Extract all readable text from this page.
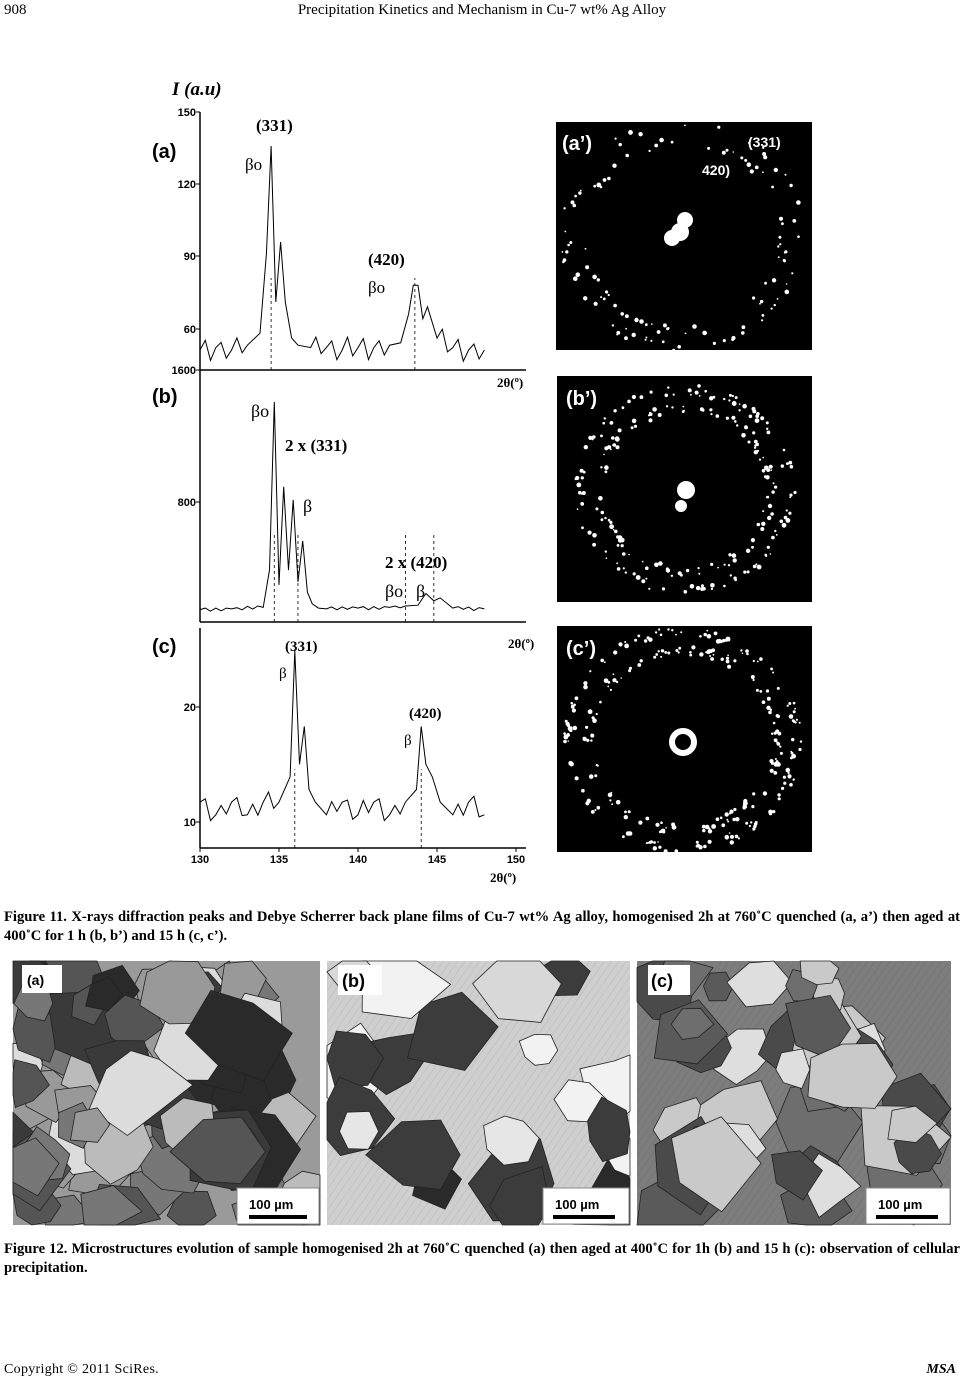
Precipitation Kinetics and Mechanism in Cu-7 wt% Ag Alloy
908
I (a.u)
150
120
90
60
1600
800
20
10
130	135	140	145	150
(a)
(b)
(c)
(331)
βo
(420)
βo
βo
2 x (331)
β
2 x (420)
βo β
(331)
β
(420)
β
2θ(º)
2θ(º)
2θ(º)
(a’)	(331)
420)
(b’)
(c’)
Figure 11. X-rays diffraction peaks and Debye Scherrer back plane films of Cu-7 wt% Ag alloy, homogenised 2h at 760˚C quenched (a, a’) then aged at 400˚C for 1 h (b, b’) and 15 h (c, c’).
(a)
100 µm
(b)
100 µm
(c)
100 µm
Figure 12. Microstructures evolution of sample homogenised 2h at 760˚C quenched (a) then aged at 400˚C for 1h (b) and 15 h (c): observation of cellular precipitation.
Copyright © 2011 SciRes.	MSA
